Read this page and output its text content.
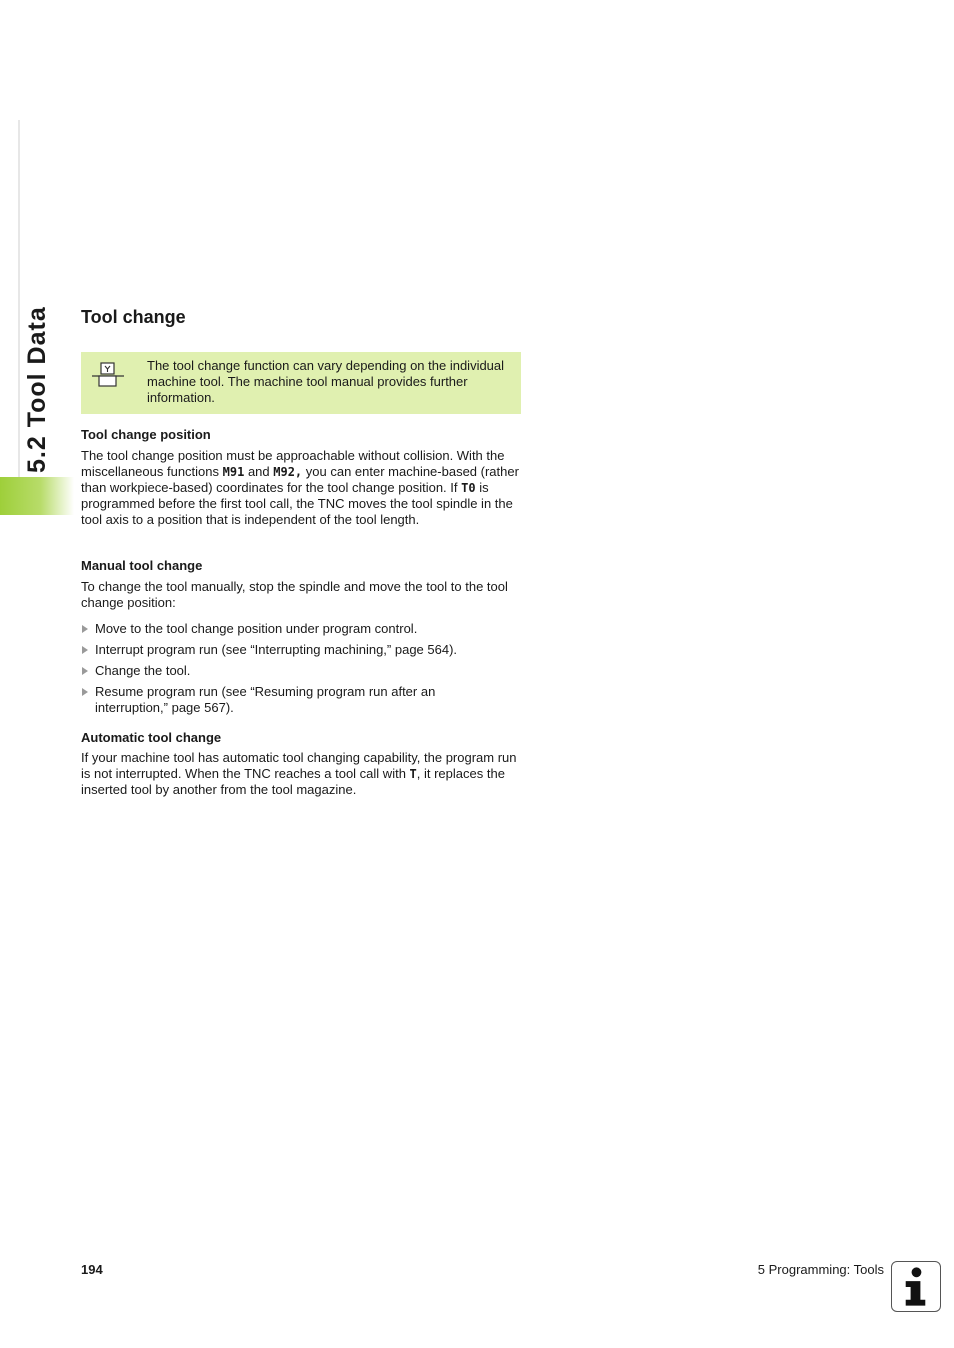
5.2 Tool Data Tool change
The tool change function can vary depending on the individual machine tool. The machine tool manual provides further information.
Tool change position

The tool change position must be approachable without collision. With the miscellaneous functions M91 and M92, you can enter machine-based (rather than workpiece-based) coordinates for the tool change position. If T0 is programmed before the first tool call, the TNC moves the tool spindle in the tool axis to a position that is independent of the tool length.

Manual tool change

To change the tool manually, stop the spindle and move the tool to the tool change position:

Move to the tool change position under program control.
Interrupt program run (see “Interrupting machining,” page 564).
Change the tool.
Resume program run (see “Resuming program run after an interruption,” page 567).
Automatic tool change

If your machine tool has automatic tool changing capability, the program run is not interrupted. When the TNC reaches a tool call with T, it replaces the inserted tool by another from the tool magazine.

194	5 Programming: Tools
